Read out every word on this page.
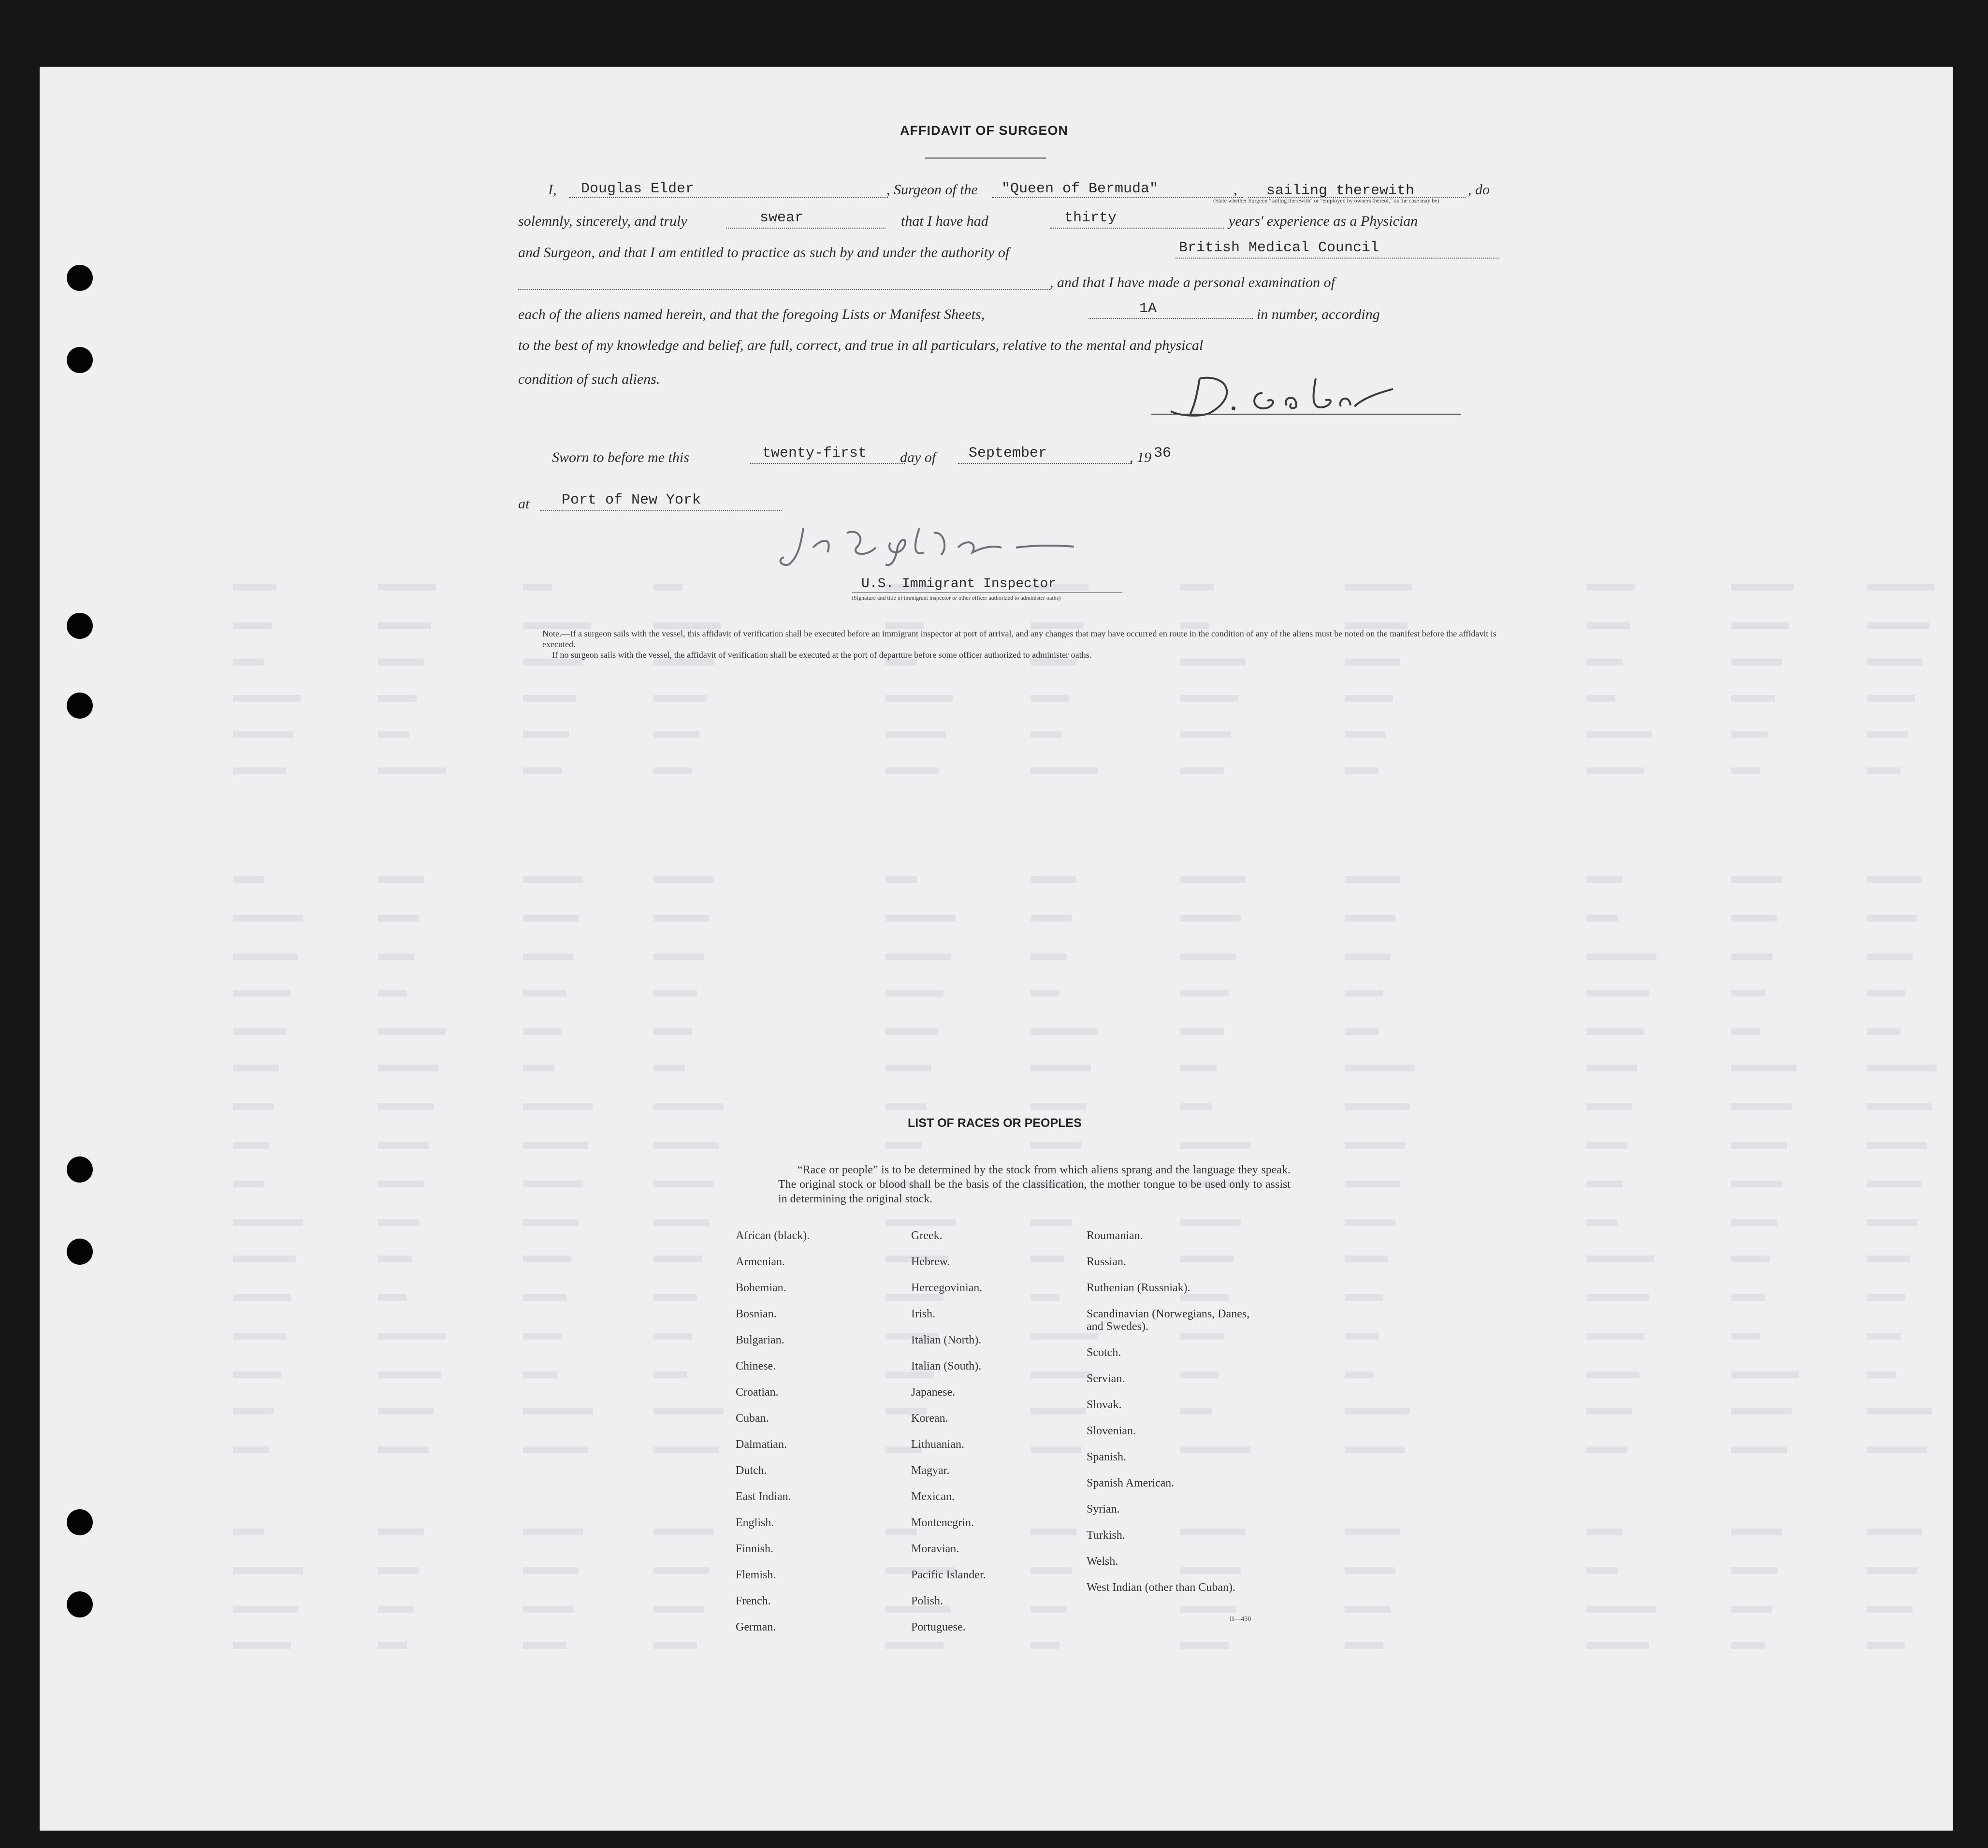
AFFIDAVIT OF SURGEON
I, Douglas Elder	, Surgeon of the "Queen of Bermuda"	, sailing therewith	, do
(State whether Surgeon "sailing therewith" or "employed by owners thereof," as the case may be)
solemnly, sincerely, and truly	swear	that I have had	thirty	years' experience as a Physician
and Surgeon, and that I am entitled to practice as such by and under the authority of	British Medical Council
, and that I have made a personal examination of
each of the aliens named herein, and that the foregoing Lists or Manifest Sheets,	1A	in number, according
to the best of my knowledge and belief, are full, correct, and true in all particulars, relative to the mental and physical
condition of such aliens.
Sworn to before me this	twenty-first day of September	, 19 36
at Port of New York
U.S. Immigrant Inspector
(Signature and title of immigrant inspector or other officer authorized to administer oaths)
Note.—If a surgeon sails with the vessel, this affidavit of verification shall be executed before an immigrant inspector at port of arrival, and any changes that may have occurred en route in the condition of any of the aliens must be noted on the manifest before the affidavit is executed.
If no surgeon sails with the vessel, the affidavit of verification shall be executed at the port of departure before some officer authorized to administer oaths.
LIST OF RACES OR PEOPLES
“Race or people” is to be determined by the stock from which aliens sprang and the language they speak. The original stock or blood shall be the basis of the classification, the mother tongue to be used only to assist in determining the original stock.
African (black).
Armenian.
Bohemian.
Bosnian.
Bulgarian.
Chinese.
Croatian.
Cuban.
Dalmatian.
Dutch.
East Indian.
English.
Finnish.
Flemish.
French.
German.
Greek.
Hebrew.
Hercegovinian.
Irish.
Italian (North).
Italian (South).
Japanese.
Korean.
Lithuanian.
Magyar.
Mexican.
Montenegrin.
Moravian.
Pacific Islander.
Polish.
Portuguese.
Roumanian.
Russian.
Ruthenian (Russniak).
Scandinavian (Norwegians, Danes, and Swedes).
Scotch.
Servian.
Slovak.
Slovenian.
Spanish.
Spanish American.
Syrian.
Turkish.
Welsh.
West Indian (other than Cuban).
II—430
